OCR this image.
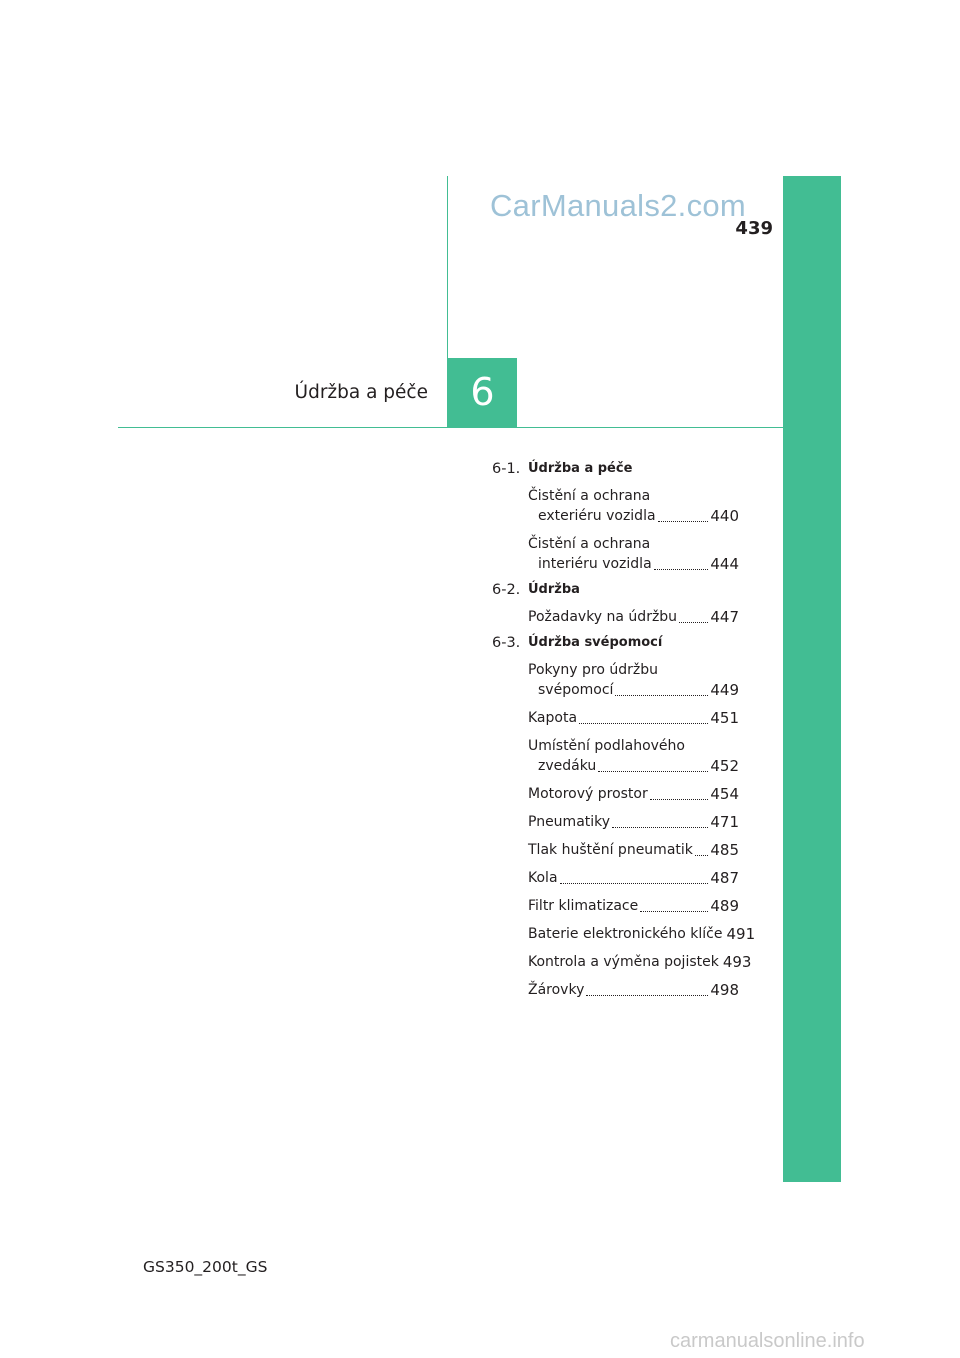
CarManuals2.com
439
Údržba a péče	6
6-1. Údržba a péče
Čistění a ochrana
exteriéru vozidla	440
Čistění a ochrana
interiéru vozidla	444
6-2. Údržba
Požadavky na údržbu 447
6-3. Údržba svépomocí
Pokyny pro údržbu
svépomocí	449
Kapota	451
Umístění podlahového
zvedáku	452
Motorový prostor	454
Pneumatiky	471
Tlak huštění pneumatik 485
Kola	487
Filtr klimatizace	489
Baterie elektronického klíče 491
Kontrola a výměna pojistek 493
Žárovky	498
GS350_200t_GS
carmanualsonline.info
